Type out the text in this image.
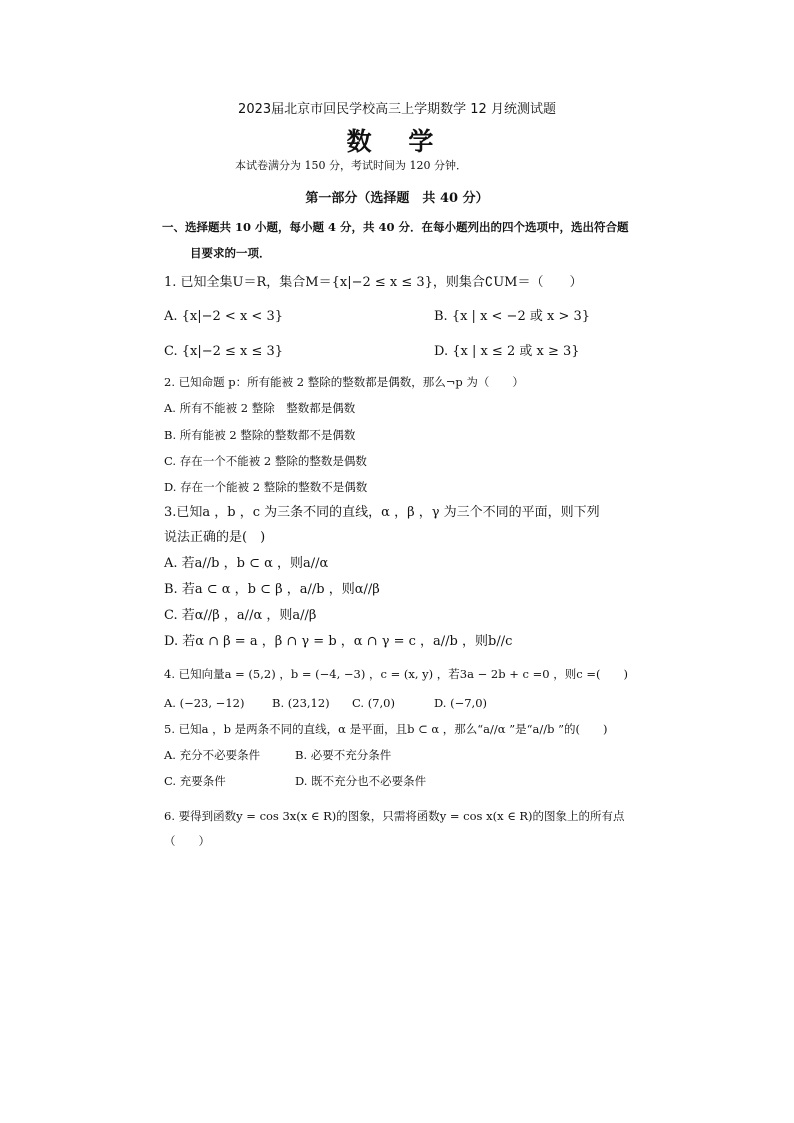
2023届北京市回民学校高三上学期数学 12 月统测试题
数 学
本试卷满分为 150 分，考试时间为 120 分钟．
第一部分（选择题　共 40 分）
一、选择题共 10 小题，每小题 4 分，共 40 分．在每小题列出的四个选项中，选出符合题
目要求的一项．
1. 已知全集U＝R，集合M＝{x|−2 ≤ x ≤ 3}，则集合∁UM＝（　　）
A. {x|−2 < x < 3}	B. {x | x < −2 或 x > 3}
C. {x|−2 ≤ x ≤ 3}	D. {x | x ≤ 2 或 x ≥ 3}
2. 已知命题 p：所有能被 2 整除的整数都是偶数，那么¬p 为（　　）
A. 所有不能被 2 整除　整数都是偶数
B. 所有能被 2 整除的整数都不是偶数
C. 存在一个不能被 2 整除的整数是偶数
D. 存在一个能被 2 整除的整数不是偶数
3.已知a ，b ，c 为三条不同的直线，α ，β ，γ 为三个不同的平面，则下列
说法正确的是(　)
A. 若a//b ，b ⊂ α ，则a//α
B. 若a ⊂ α ，b ⊂ β ，a//b ，则α//β
C. 若α//β ，a//α ，则a//β
D. 若α ∩ β = a ，β ∩ γ = b ，α ∩ γ = c ，a//b ，则b//c
4. 已知向量a = (5,2) ，b = (−4, −3) ，c = (x, y) ，若3a − 2b + c =0 ，则c =(　　)
A. (−23, −12) B. (23,12) C. (7,0)	D. (−7,0)
5. 已知a ，b 是两条不同的直线，α 是平面，且b ⊂ α ，那么“a//α ”是“a//b ”的(　　)
A. 充分不必要条件	B. 必要不充分条件
C. 充要条件	D. 既不充分也不必要条件
6. 要得到函数y = cos 3x(x ∈ R)的图象，只需将函数y = cos x(x ∈ R)的图象上的所有点
（　　）
